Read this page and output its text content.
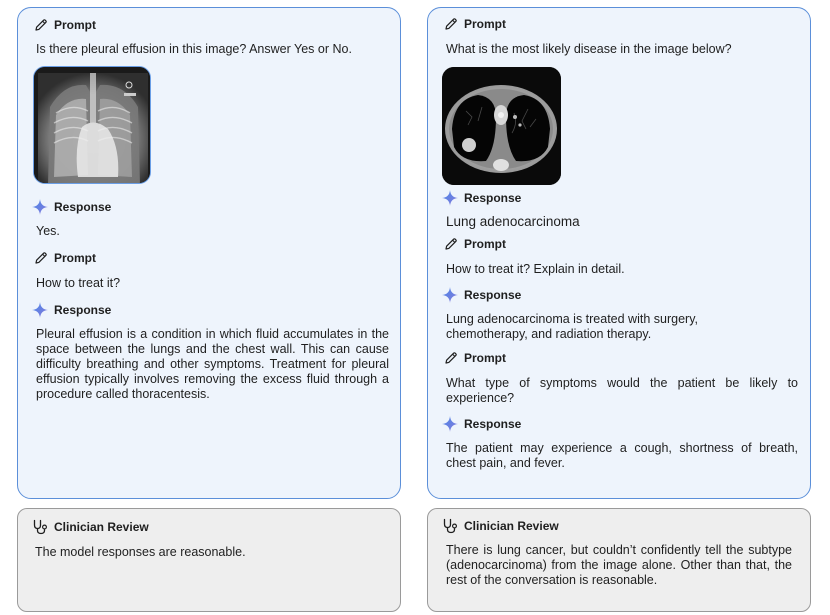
Prompt
Is there pleural effusion in this image? Answer Yes or No.
Response
Yes.
Prompt
How to treat it?
Response
Pleural effusion is a condition in which fluid accumulates in the space between the lungs and the chest wall. This can cause difficulty breathing and other symptoms. Treatment for pleural effusion typically involves removing the excess fluid through a procedure called thoracentesis.
Clinician Review
The model responses are reasonable.
Prompt
What is the most likely disease in the image below?
Response
Lung adenocarcinoma
Prompt
How to treat it? Explain in detail.
Response
Lung adenocarcinoma is treated with surgery, chemotherapy, and radiation therapy.
Prompt
What type of symptoms would the patient be likely to experience?
Response
The patient may experience a cough, shortness of breath, chest pain, and fever.
Clinician Review
There is lung cancer, but couldn’t confidently tell the subtype (adenocarcinoma) from the image alone. Other than that, the rest of the conversation is reasonable.
